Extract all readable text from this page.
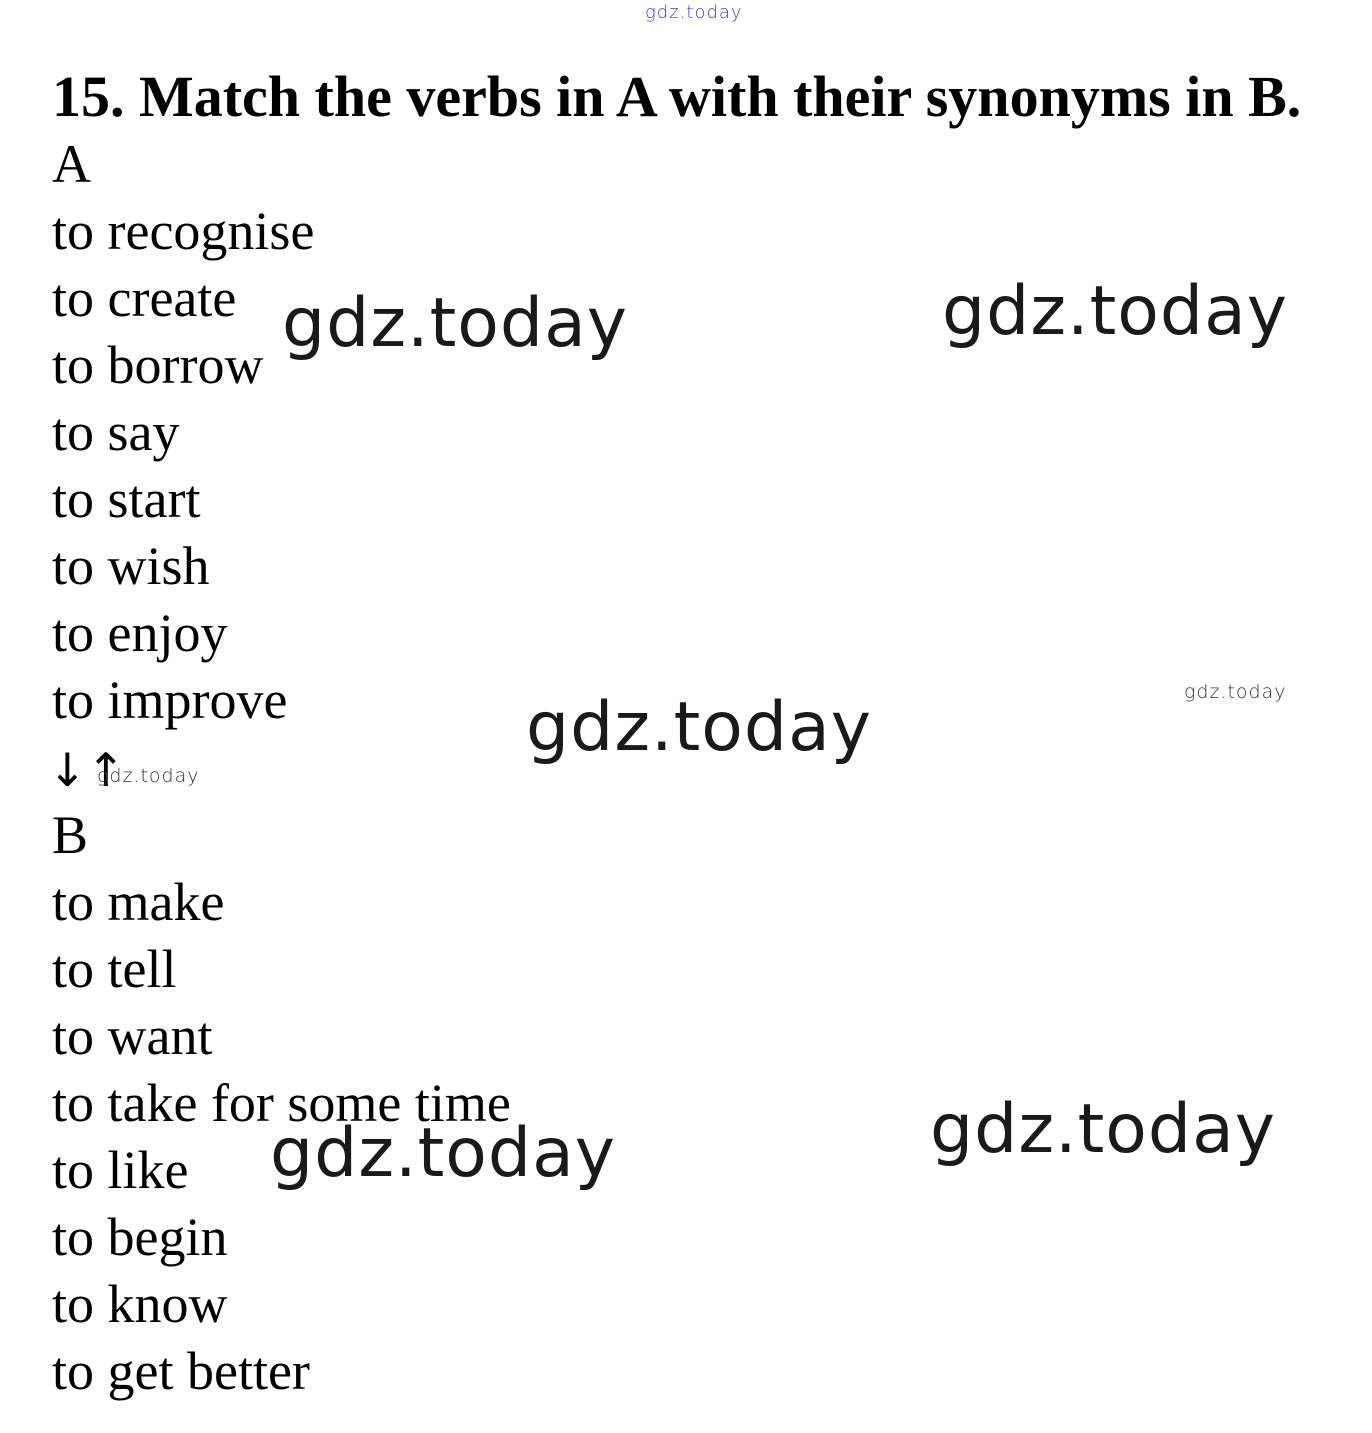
gdz.today
15. Match the verbs in A with their synonyms in B.
A
to recognise
to create
to borrow
to say
to start
to wish
to enjoy
to improve
↓↑
gdz.today
B
to make
to tell
to want
to take for some time
to like
to begin
to know
to get better
gdz.today	gdz.today
gdz.today
gdz.today	gdz.today
gdz.today
